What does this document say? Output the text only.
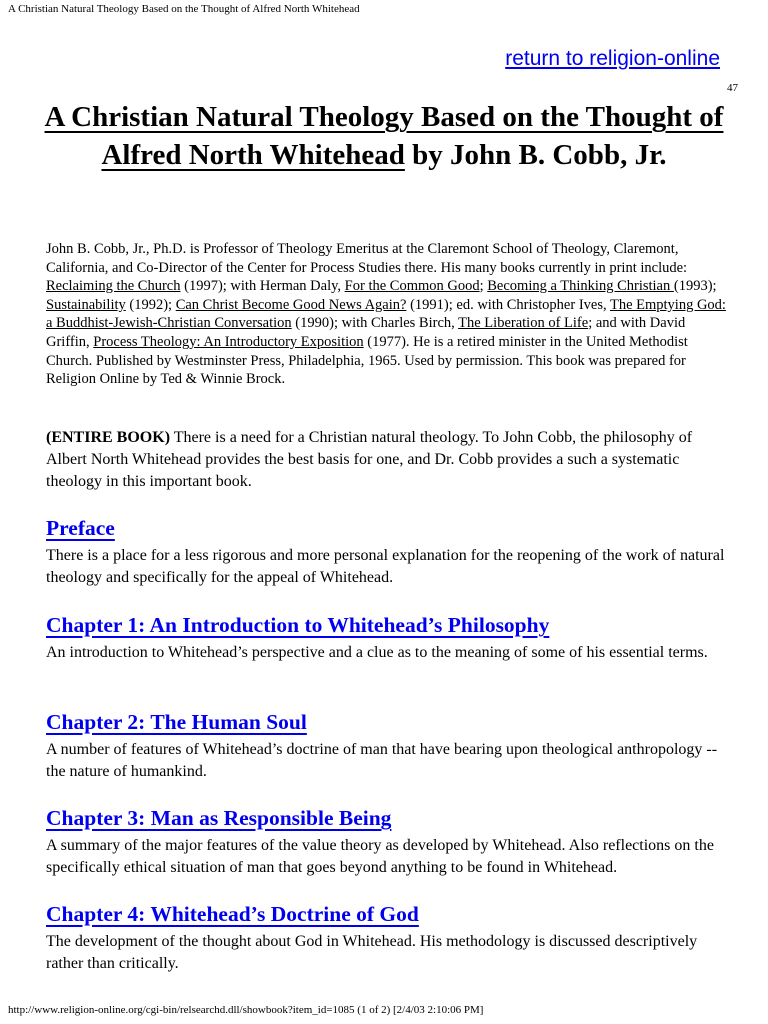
A Christian Natural Theology Based on the Thought of Alfred North Whitehead
return to religion-online
47
A Christian Natural Theology Based on the Thought of Alfred North Whitehead by John B. Cobb, Jr.
John B. Cobb, Jr., Ph.D. is Professor of Theology Emeritus at the Claremont School of Theology, Claremont, California, and Co-Director of the Center for Process Studies there. His many books currently in print include: Reclaiming the Church (1997); with Herman Daly, For the Common Good; Becoming a Thinking Christian (1993); Sustainability (1992); Can Christ Become Good News Again? (1991); ed. with Christopher Ives, The Emptying God: a Buddhist-Jewish-Christian Conversation (1990); with Charles Birch, The Liberation of Life; and with David Griffin, Process Theology: An Introductory Exposition (1977). He is a retired minister in the United Methodist Church. Published by Westminster Press, Philadelphia, 1965. Used by permission. This book was prepared for Religion Online by Ted & Winnie Brock.
(ENTIRE BOOK) There is a need for a Christian natural theology. To John Cobb, the philosophy of Albert North Whitehead provides the best basis for one, and Dr. Cobb provides a such a systematic theology in this important book.
Preface
There is a place for a less rigorous and more personal explanation for the reopening of the work of natural theology and specifically for the appeal of Whitehead.
Chapter 1: An Introduction to Whitehead’s Philosophy
An introduction to Whitehead’s perspective and a clue as to the meaning of some of his essential terms.
Chapter 2: The Human Soul
A number of features of Whitehead’s doctrine of man that have bearing upon theological anthropology -- the nature of humankind.
Chapter 3: Man as Responsible Being
A summary of the major features of the value theory as developed by Whitehead. Also reflections on the specifically ethical situation of man that goes beyond anything to be found in Whitehead.
Chapter 4: Whitehead’s Doctrine of God
The development of the thought about God in Whitehead. His methodology is discussed descriptively rather than critically.
http://www.religion-online.org/cgi-bin/relsearchd.dll/showbook?item_id=1085 (1 of 2) [2/4/03 2:10:06 PM]
